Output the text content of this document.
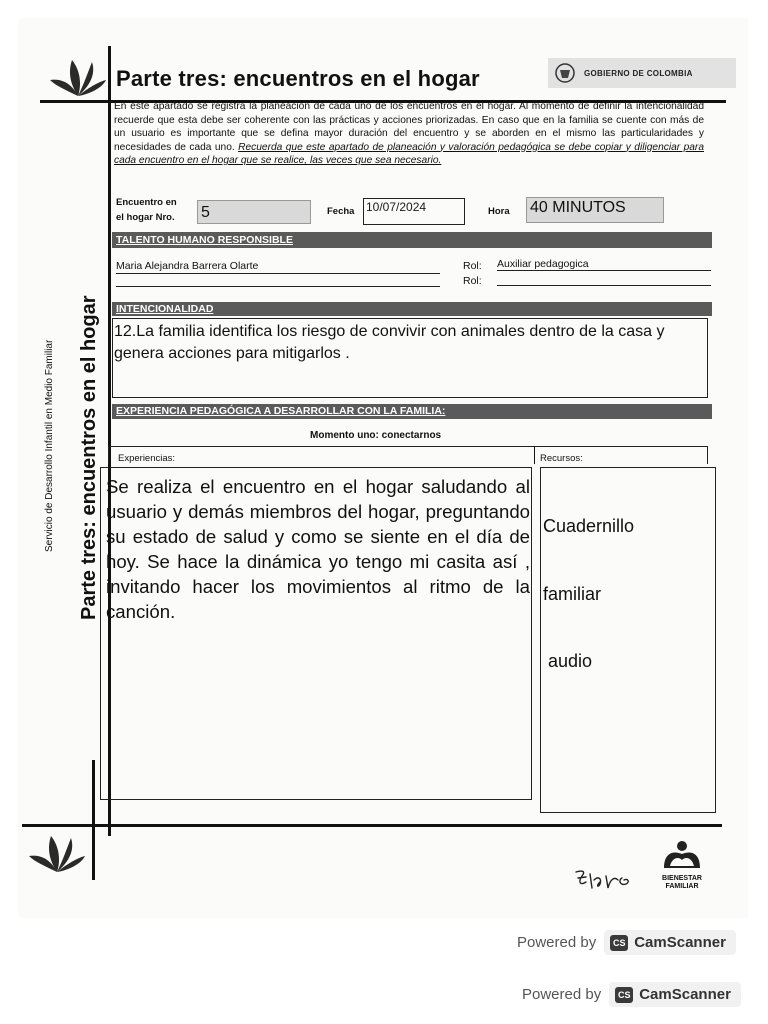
Parte tres: encuentros en el hogar	GOBIERNO DE COLOMBIA
En este apartado se registra la planeación de cada uno de los encuentros en el hogar. Al momento de definir la intencionalidad recuerde que esta debe ser coherente con las prácticas y acciones priorizadas. En caso que en la familia se cuente con más de un usuario es importante que se defina mayor duración del encuentro y se aborden en el mismo las particularidades y necesidades de cada uno. Recuerda que este apartado de planeación y valoración pedagógica se debe copiar y diligenciar para cada encuentro en el hogar que se realice, las veces que sea necesario.
Encuentro en
el hogar Nro. 5	Fecha 10/07/2024	Hora 40 MINUTOS
TALENTO HUMANO RESPONSIBLE
Maria Alejandra Barrera Olarte	Rol: Auxiliar pedagogica
Rol:
INTENCIONALIDAD
12.La familia identifica los riesgo de convivir con animales dentro de la casa y genera acciones para mitigarlos .
EXPERIENCIA PEDAGÓGICA A DESARROLLAR CON LA FAMILIA:
Momento uno: conectarnos
Experiencias:	Recursos:
Se realiza el encuentro en el hogar saludando al usuario y demás miembros del hogar, preguntando su estado de salud y como se siente en el día de hoy. Se hace la dinámica yo tengo mi casita así , invitando hacer los movimientos al ritmo de la canción.

Cuadernillo

familiar

audio

Parte tres: encuentros en el hogar
Servicio de Desarrollo Infantil en Medio Familiar
BIENESTAR
FAMILIAR
Powered by	CS CamScanner
Powered by	CS CamScanner
